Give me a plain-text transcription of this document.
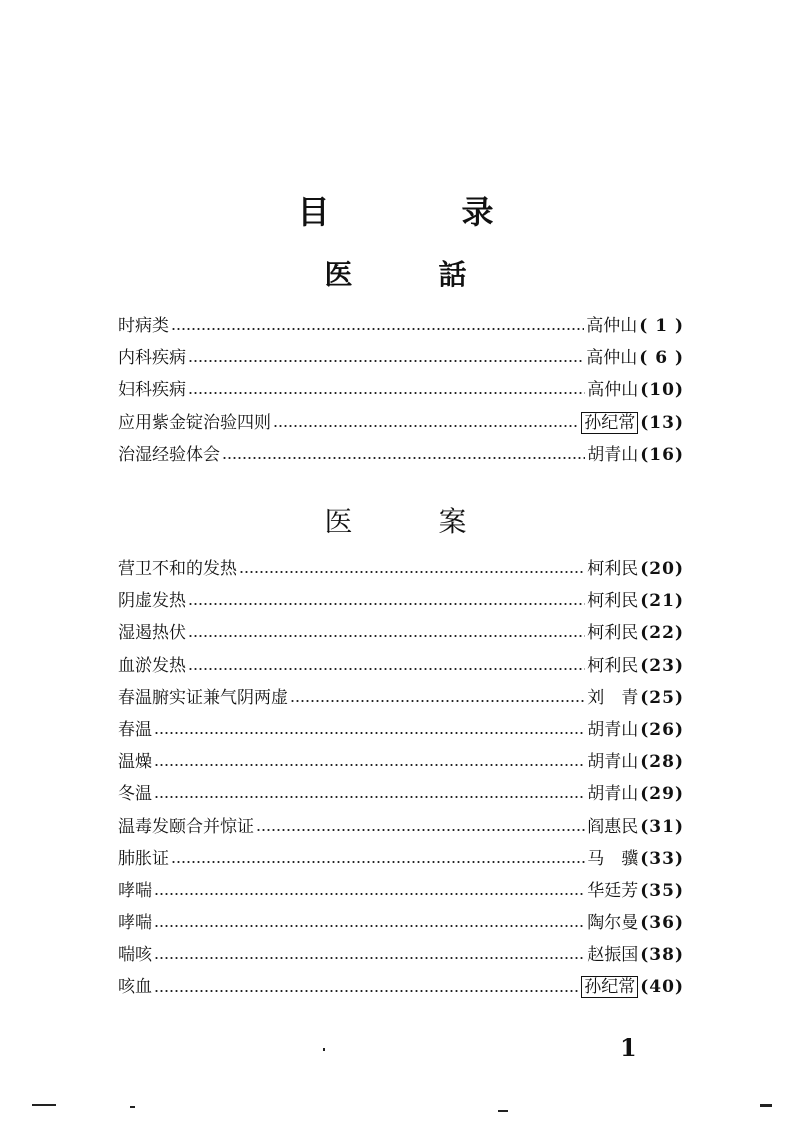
目	录
医	話
时病类	高仲山 ( 1 )
内科疾病	高仲山 ( 6 )
妇科疾病	高仲山 (10)
应用紫金锭治验四则	孙纪常 (13)
治湿经验体会	胡青山 (16)
医	案
营卫不和的发热	柯利民 (20)
阴虚发热	柯利民 (21)
湿遏热伏	柯利民 (22)
血淤发热	柯利民 (23)
春温腑实证兼气阴两虚	刘　青 (25)
春温	胡青山 (26)
温燥	胡青山 (28)
冬温	胡青山 (29)
温毒发颐合并惊证	阎惠民 (31)
肺胀证	马　骥 (33)
哮喘	华廷芳 (35)
哮喘	陶尔曼 (36)
喘咳	赵振国 (38)
咳血	孙纪常 (40)
1
